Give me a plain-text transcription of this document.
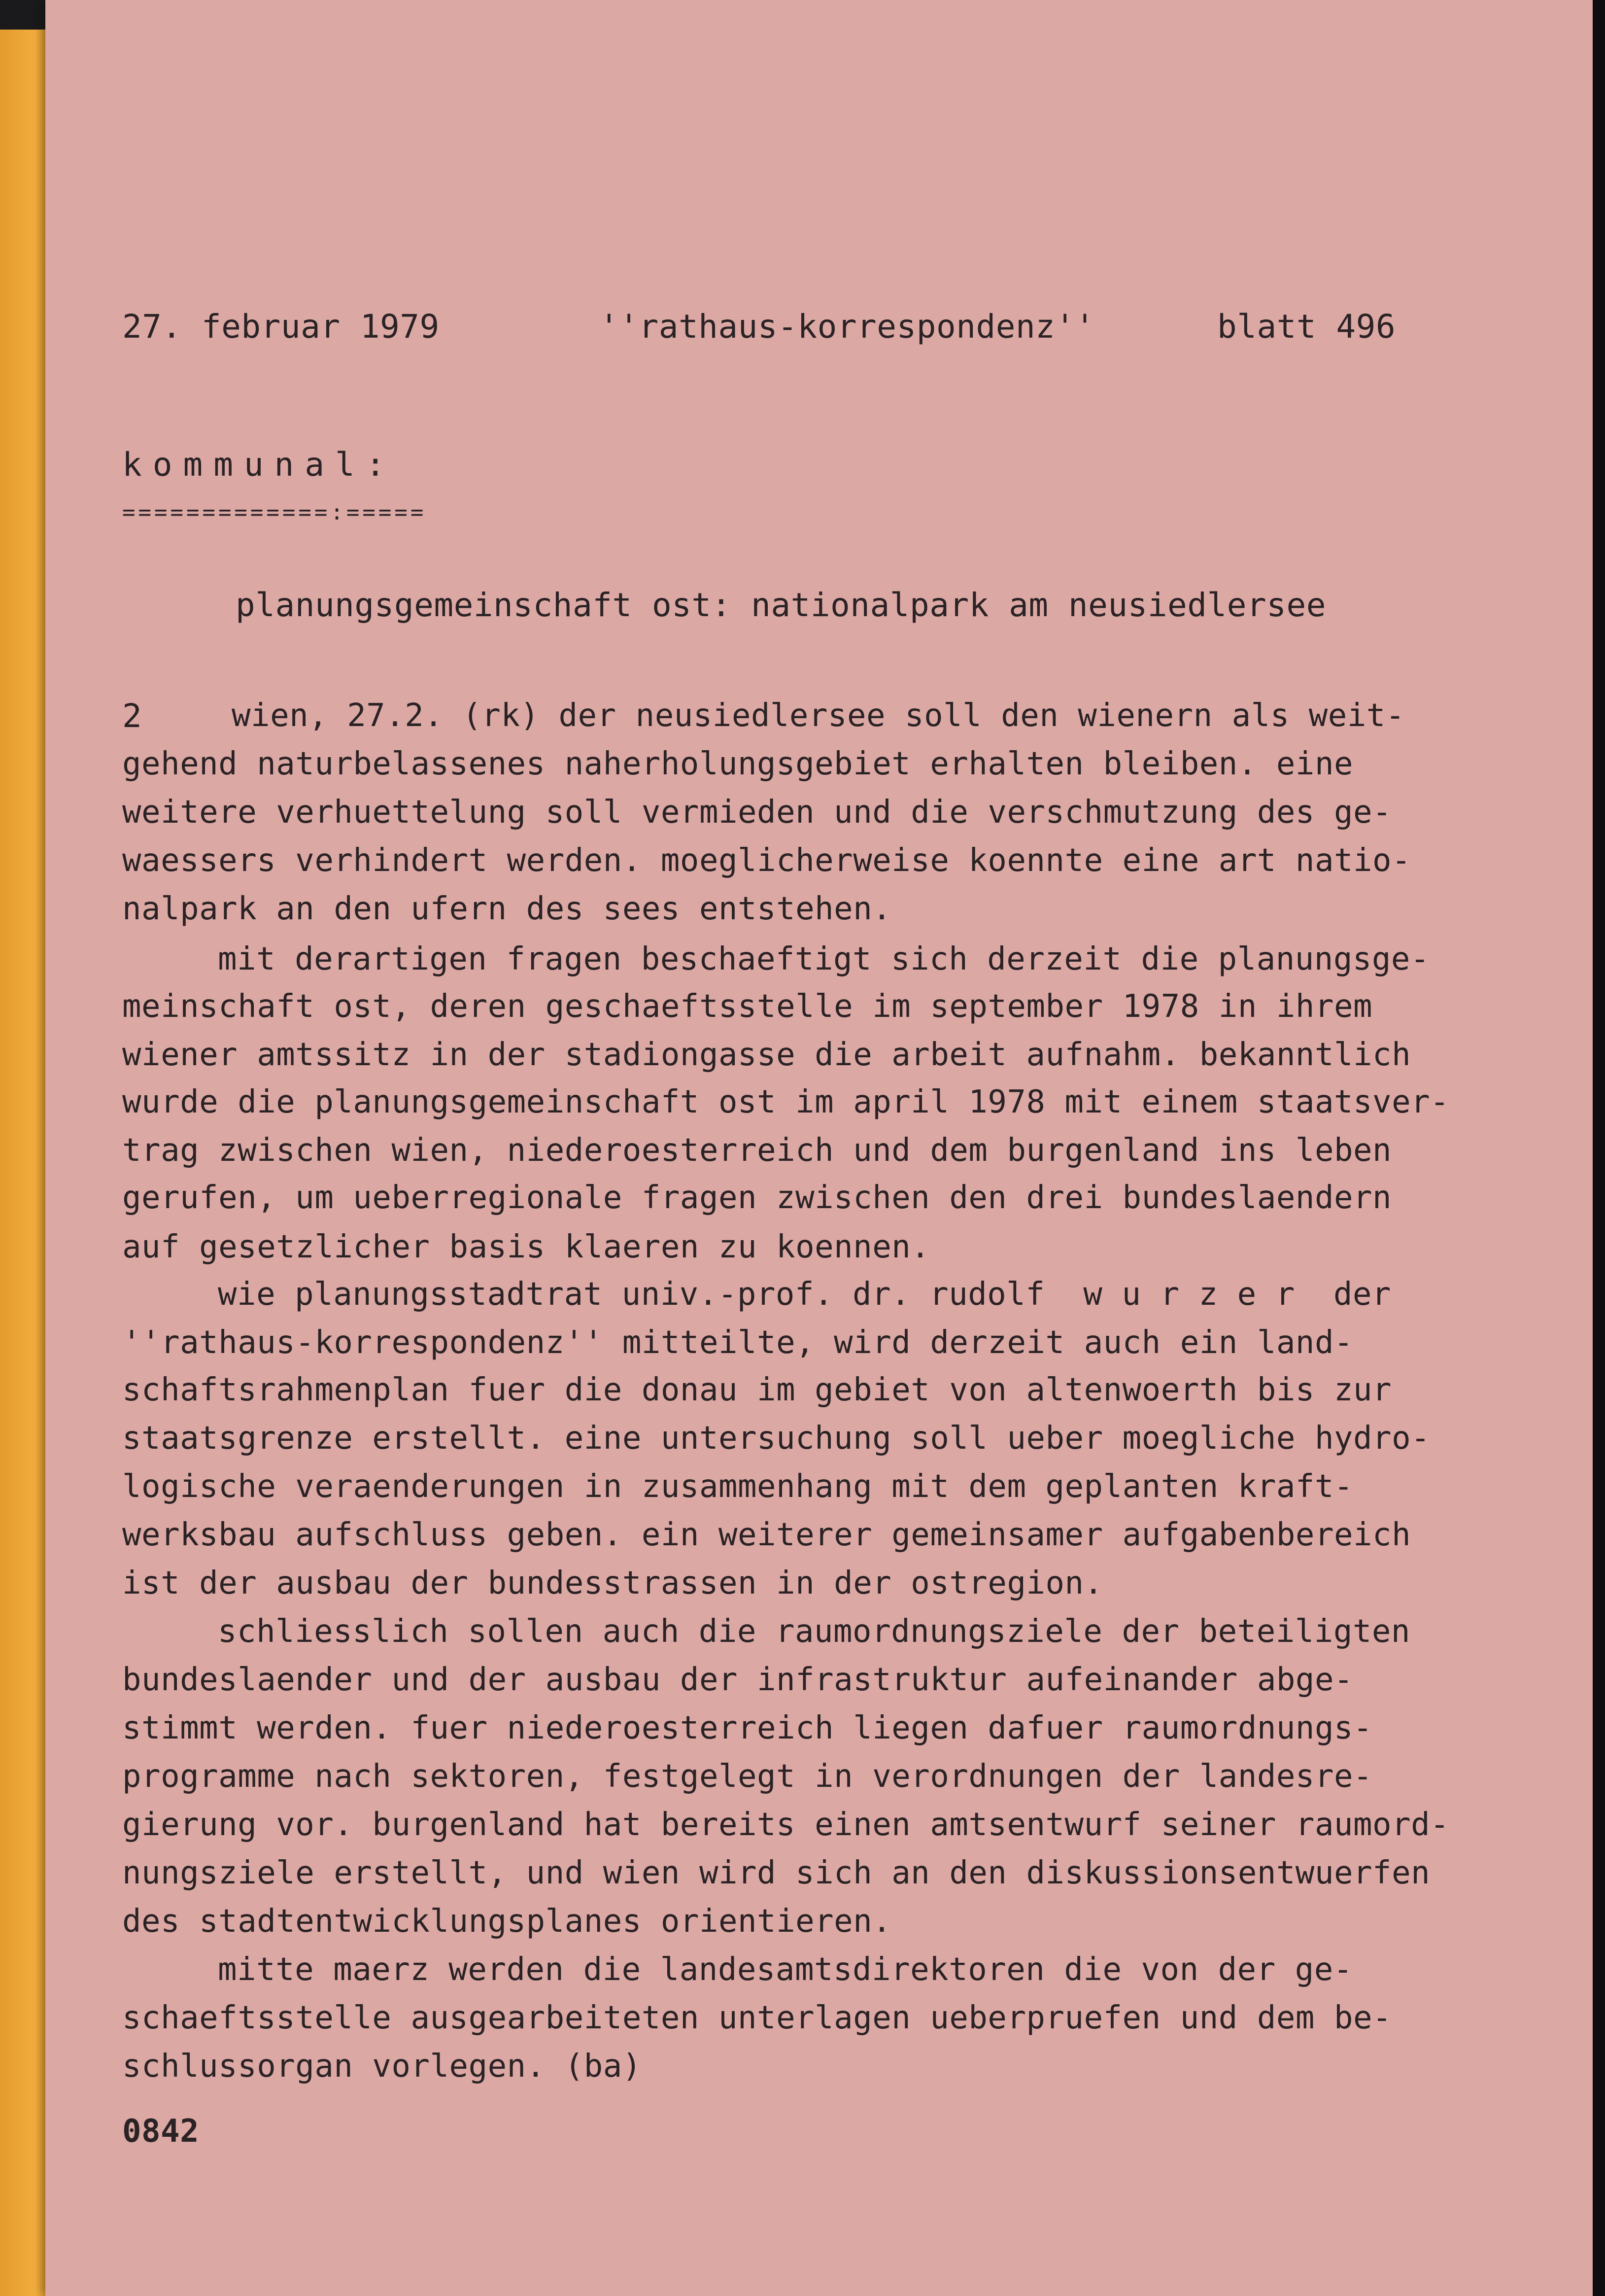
27. februar 1979	''rathaus-korrespondenz''	blatt 496
kommunal:
=============:=====
planungsgemeinschaft ost: nationalpark am neusiedlersee
2	wien, 27.2. (rk) der neusiedlersee soll den wienern als weit-
gehend naturbelassenes naherholungsgebiet erhalten bleiben. eine
weitere verhuettelung soll vermieden und die verschmutzung des ge-
waessers verhindert werden. moeglicherweise koennte eine art natio-
nalpark an den ufern des sees entstehen.
mit derartigen fragen beschaeftigt sich derzeit die planungsge-
meinschaft ost, deren geschaeftsstelle im september 1978 in ihrem
wiener amtssitz in der stadiongasse die arbeit aufnahm. bekanntlich
wurde die planungsgemeinschaft ost im april 1978 mit einem staatsver-
trag zwischen wien, niederoesterreich und dem burgenland ins leben
gerufen, um ueberregionale fragen zwischen den drei bundeslaendern
auf gesetzlicher basis klaeren zu koennen.
wie planungsstadtrat univ.-prof. dr. rudolf  w u r z e r  der
''rathaus-korrespondenz'' mitteilte, wird derzeit auch ein land-
schaftsrahmenplan fuer die donau im gebiet von altenwoerth bis zur
staatsgrenze erstellt. eine untersuchung soll ueber moegliche hydro-
logische veraenderungen in zusammenhang mit dem geplanten kraft-
werksbau aufschluss geben. ein weiterer gemeinsamer aufgabenbereich
ist der ausbau der bundesstrassen in der ostregion.
schliesslich sollen auch die raumordnungsziele der beteiligten
bundeslaender und der ausbau der infrastruktur aufeinander abge-
stimmt werden. fuer niederoesterreich liegen dafuer raumordnungs-
programme nach sektoren, festgelegt in verordnungen der landesre-
gierung vor. burgenland hat bereits einen amtsentwurf seiner raumord-
nungsziele erstellt, und wien wird sich an den diskussionsentwuerfen
des stadtentwicklungsplanes orientieren.
mitte maerz werden die landesamtsdirektoren die von der ge-
schaeftsstelle ausgearbeiteten unterlagen ueberpruefen und dem be-
schlussorgan vorlegen. (ba)
0842
